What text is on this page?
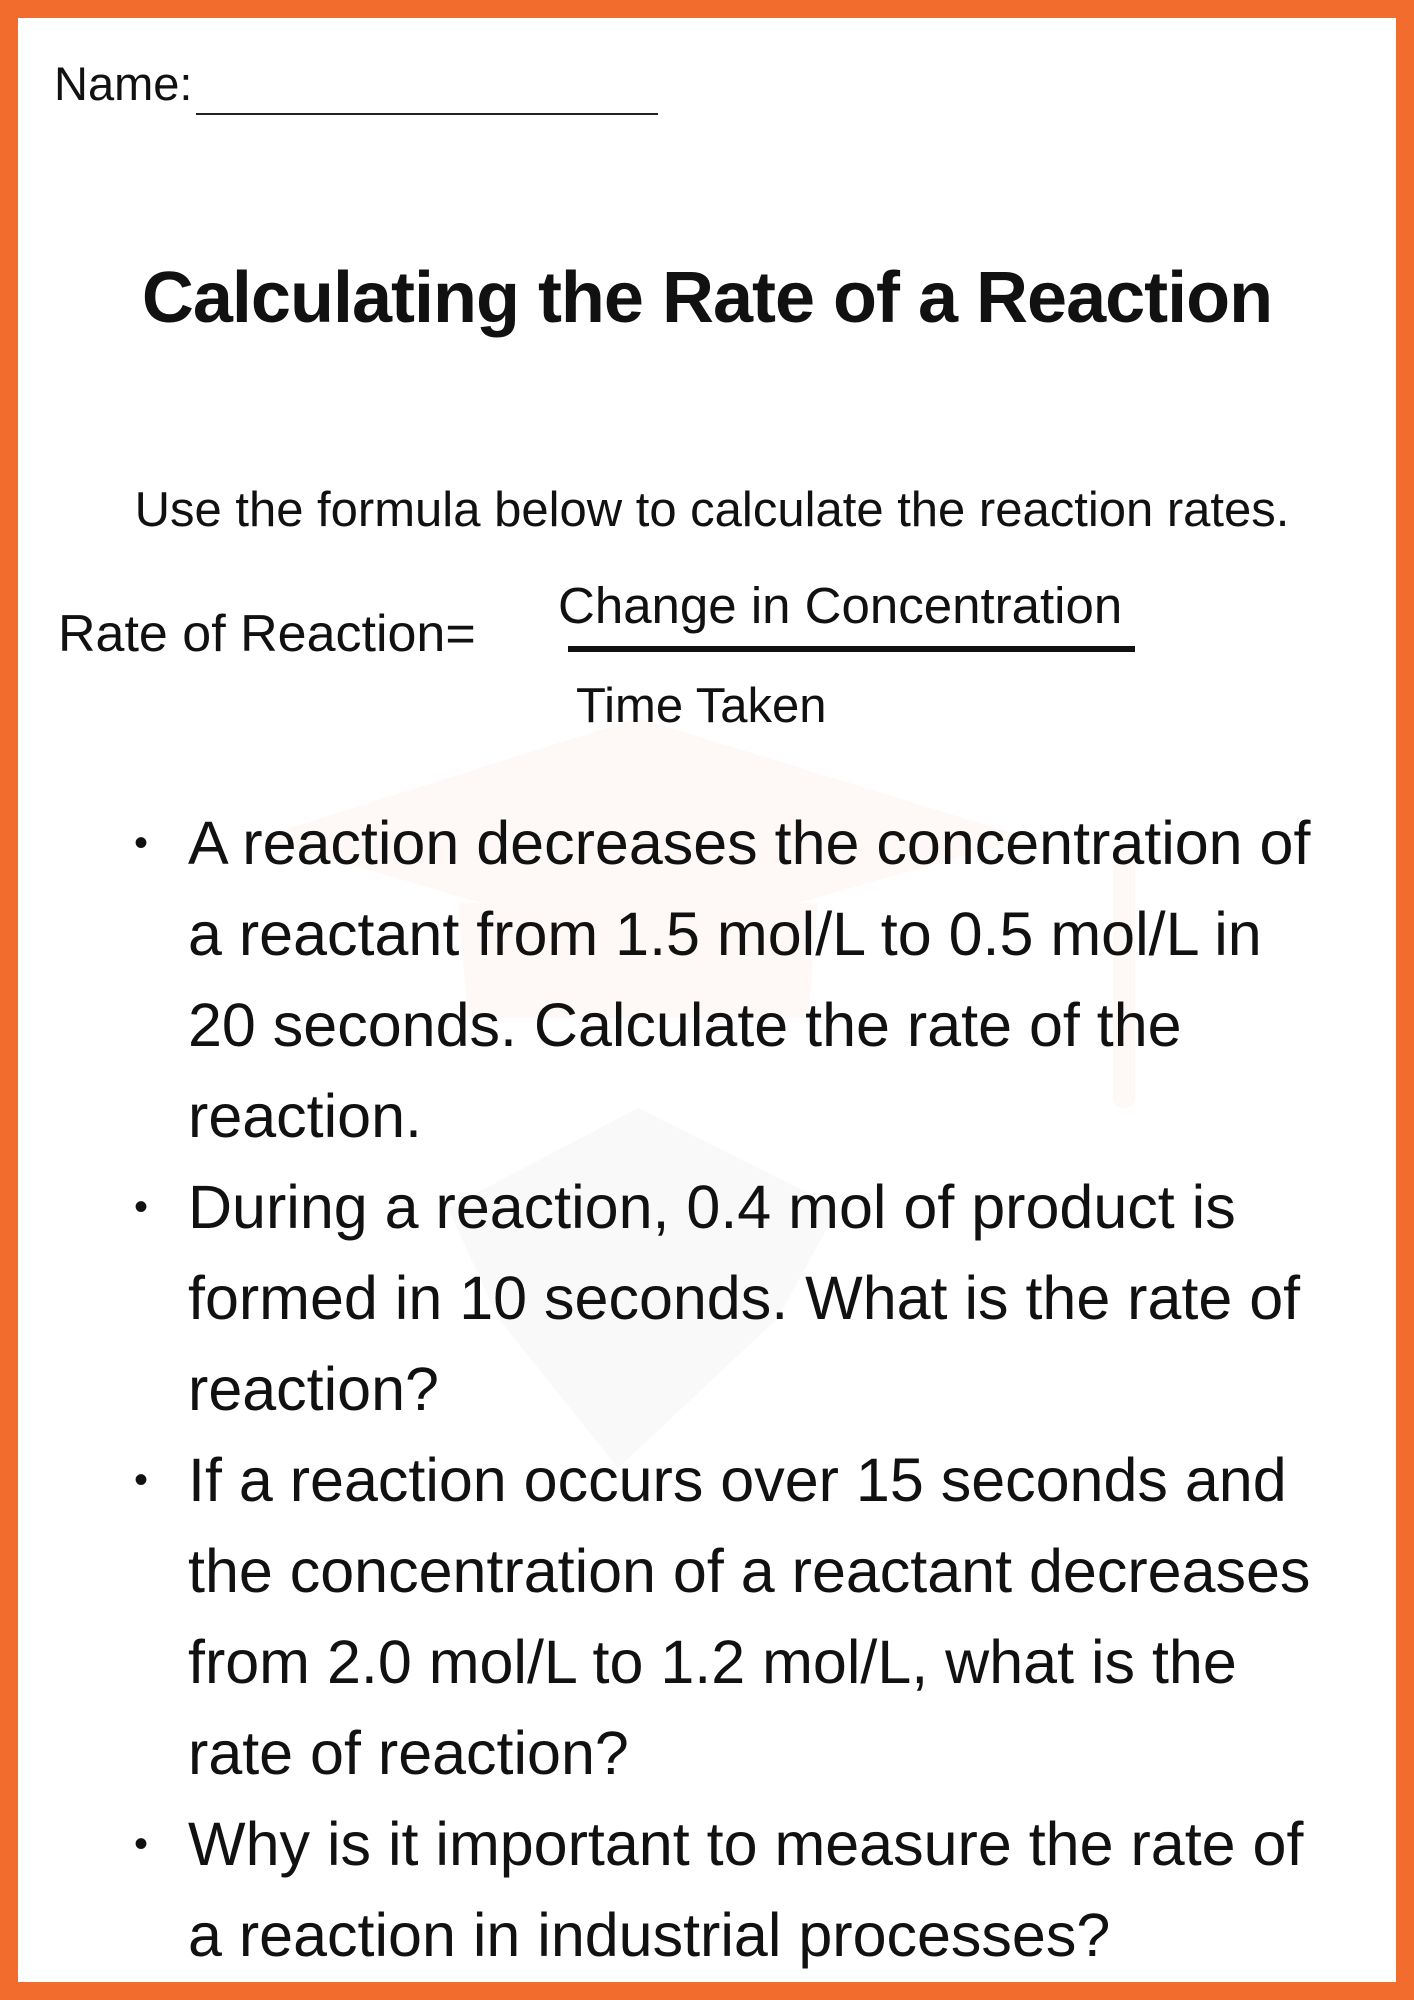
Name:
Calculating the Rate of a Reaction
Use the formula below to calculate the reaction rates.
Rate of Reaction= Change in Concentration
Time Taken
• A reaction decreases the concentration of a reactant from 1.5 mol/L to 0.5 mol/L in 20 seconds. Calculate the rate of the reaction.
• During a reaction, 0.4 mol of product is formed in 10 seconds. What is the rate of reaction?
• If a reaction occurs over 15 seconds and the concentration of a reactant decreases from 2.0 mol/L to 1.2 mol/L, what is the rate of reaction?
• Why is it important to measure the rate of a reaction in industrial processes?
